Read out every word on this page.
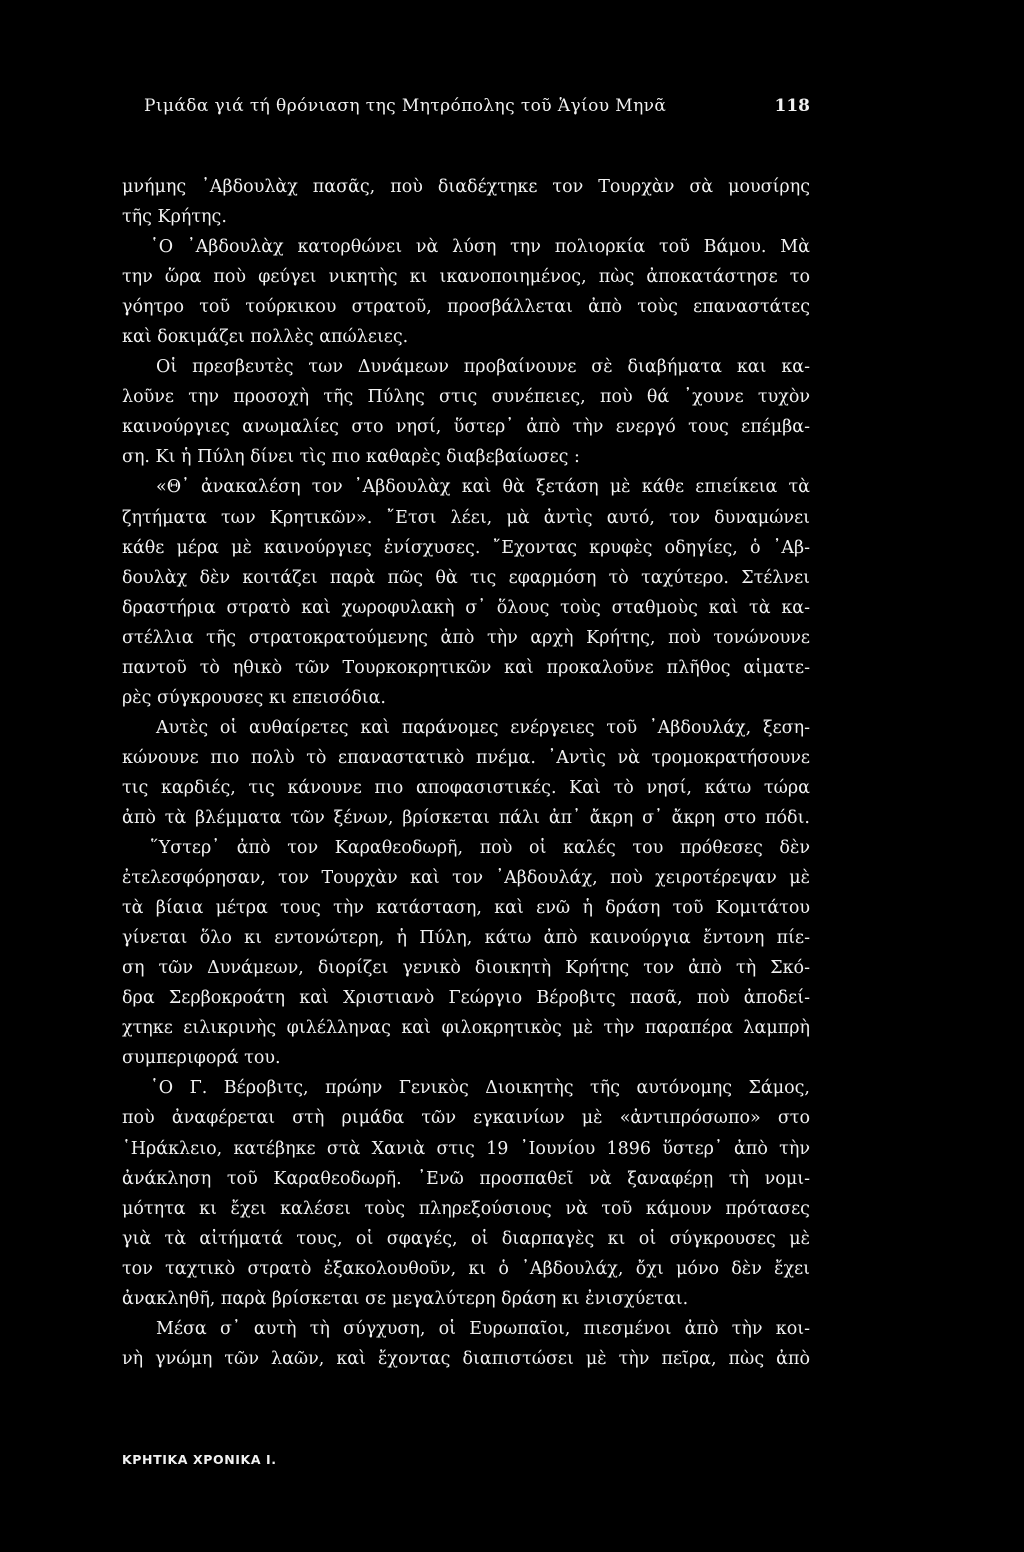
Ριμάδα γιά τή θρόνιαση της Μητρόπολης τοῦ Ἁγίου Μηνᾶ	118
μνήμης ᾿Αβδουλὰχ πασᾶς, ποὺ διαδέχτηκε τον Τουρχὰν σὰ μουσίρης
τῆς Κρήτης.
῾Ο ᾿Αβδουλὰχ κατορθώνει νὰ λύση την πολιορκία τοῦ Βάμου. Μὰ
την ὥρα ποὺ φεύγει νικητὴς κι ικανοποιημένος, πὼς ἀποκατάστησε το
γόητρο τοῦ τούρκικου στρατοῦ, προσβάλλεται ἀπὸ τοὺς επαναστάτες
καὶ δοκιμάζει πολλὲς απώλειες.
Οἱ πρεσβευτὲς των Δυνάμεων προβαίνουνε σὲ διαβήματα και κα-
λοῦνε την προσοχὴ τῆς Πύλης στις συνέπειες, ποὺ θά ᾿χουνε τυχὸν
καινούργιες ανωμαλίες στο νησί, ὕστερ᾿ ἀπὸ τὴν ενεργό τους επέμβα-
ση. Κι ἡ Πύλη δίνει τὶς πιο καθαρὲς διαβεβαίωσες :
«Θ᾿ ἀνακαλέση τον ᾿Αβδουλὰχ καὶ θὰ ξετάση μὲ κάθε επιείκεια τὰ
ζητήματα των Κρητικῶν». ῎Ετσι λέει, μὰ ἀντὶς αυτό, τον δυναμώνει
κάθε μέρα μὲ καινούργιες ἐνίσχυσες. ῎Εχοντας κρυφὲς οδηγίες, ὁ ᾿Αβ-
δουλὰχ δὲν κοιτάζει παρὰ πῶς θὰ τις εφαρμόση τὸ ταχύτερο. Στέλνει
δραστήρια στρατὸ καὶ χωροφυλακὴ σ᾿ ὅλους τοὺς σταθμοὺς καὶ τὰ κα-
στέλλια τῆς στρατοκρατούμενης ἀπὸ τὴν αρχὴ Κρήτης, ποὺ τονώνουνε
παντοῦ τὸ ηθικὸ τῶν Τουρκοκρητικῶν καὶ προκαλοῦνε πλῆθος αἱματε-
ρὲς σύγκρουσες κι επεισόδια.
Αυτὲς οἱ αυθαίρετες καὶ παράνομες ενέργειες τοῦ ᾿Αβδουλάχ, ξεση-
κώνουνε πιο πολὺ τὸ επαναστατικὸ πνέμα. ᾿Αντὶς νὰ τρομοκρατήσουνε
τις καρδιές, τις κάνουνε πιο αποφασιστικές. Καὶ τὸ νησί, κάτω τώρα
ἀπὸ τὰ βλέμματα τῶν ξένων, βρίσκεται πάλι ἀπ᾿ ἄκρη σ᾿ ἄκρη στο πόδι.
῞Υστερ᾿ ἀπὸ τον Καραθεοδωρῆ, ποὺ οἱ καλές του πρόθεσες δὲν
ἐτελεσφόρησαν, τον Τουρχὰν καὶ τον ᾿Αβδουλάχ, ποὺ χειροτέρεψαν μὲ
τὰ βίαια μέτρα τους τὴν κατάσταση, καὶ ενῶ ἡ δράση τοῦ Κομιτάτου
γίνεται ὅλο κι εντονώτερη, ἡ Πύλη, κάτω ἀπὸ καινούργια ἔντονη πίε-
ση τῶν Δυνάμεων, διορίζει γενικὸ διοικητὴ Κρήτης τον ἀπὸ τὴ Σκό-
δρα Σερβοκροάτη καὶ Χριστιανὸ Γεώργιο Βέροβιτς πασᾶ, ποὺ ἀποδεί-
χτηκε ειλικρινὴς φιλέλληνας καὶ φιλοκρητικὸς μὲ τὴν παραπέρα λαμπρὴ
συμπεριφορά του.
῾Ο Γ. Βέροβιτς, πρώην Γενικὸς Διοικητὴς τῆς αυτόνομης Σάμος,
ποὺ ἀναφέρεται στὴ ριμάδα τῶν εγκαινίων μὲ «ἀντιπρόσωπο» στο
῾Ηράκλειο, κατέβηκε στὰ Χανιὰ στις 19 ᾿Ιουνίου 1896 ὕστερ᾿ ἀπὸ τὴν
ἀνάκληση τοῦ Καραθεοδωρῆ. ᾿Ενῶ προσπαθεῖ νὰ ξαναφέρῃ τὴ νομι-
μότητα κι ἔχει καλέσει τοὺς πληρεξούσιους νὰ τοῦ κάμουν πρότασες
γιὰ τὰ αἰτήματά τους, οἱ σφαγές, οἱ διαρπαγὲς κι οἱ σύγκρουσες μὲ
τον ταχτικὸ στρατὸ ἐξακολουθοῦν, κι ὁ ᾿Αβδουλάχ, ὄχι μόνο δὲν ἔχει
ἀνακληθῆ, παρὰ βρίσκεται σε μεγαλύτερη δράση κι ἐνισχύεται.
Μέσα σ᾿ αυτὴ τὴ σύγχυση, οἱ Ευρωπαῖοι, πιεσμένοι ἀπὸ τὴν κοι-
νὴ γνώμη τῶν λαῶν, καὶ ἔχοντας διαπιστώσει μὲ τὴν πεῖρα, πὼς ἀπὸ
ΚΡΗΤΙΚΑ ΧΡΟΝΙΚΑ Ι.
